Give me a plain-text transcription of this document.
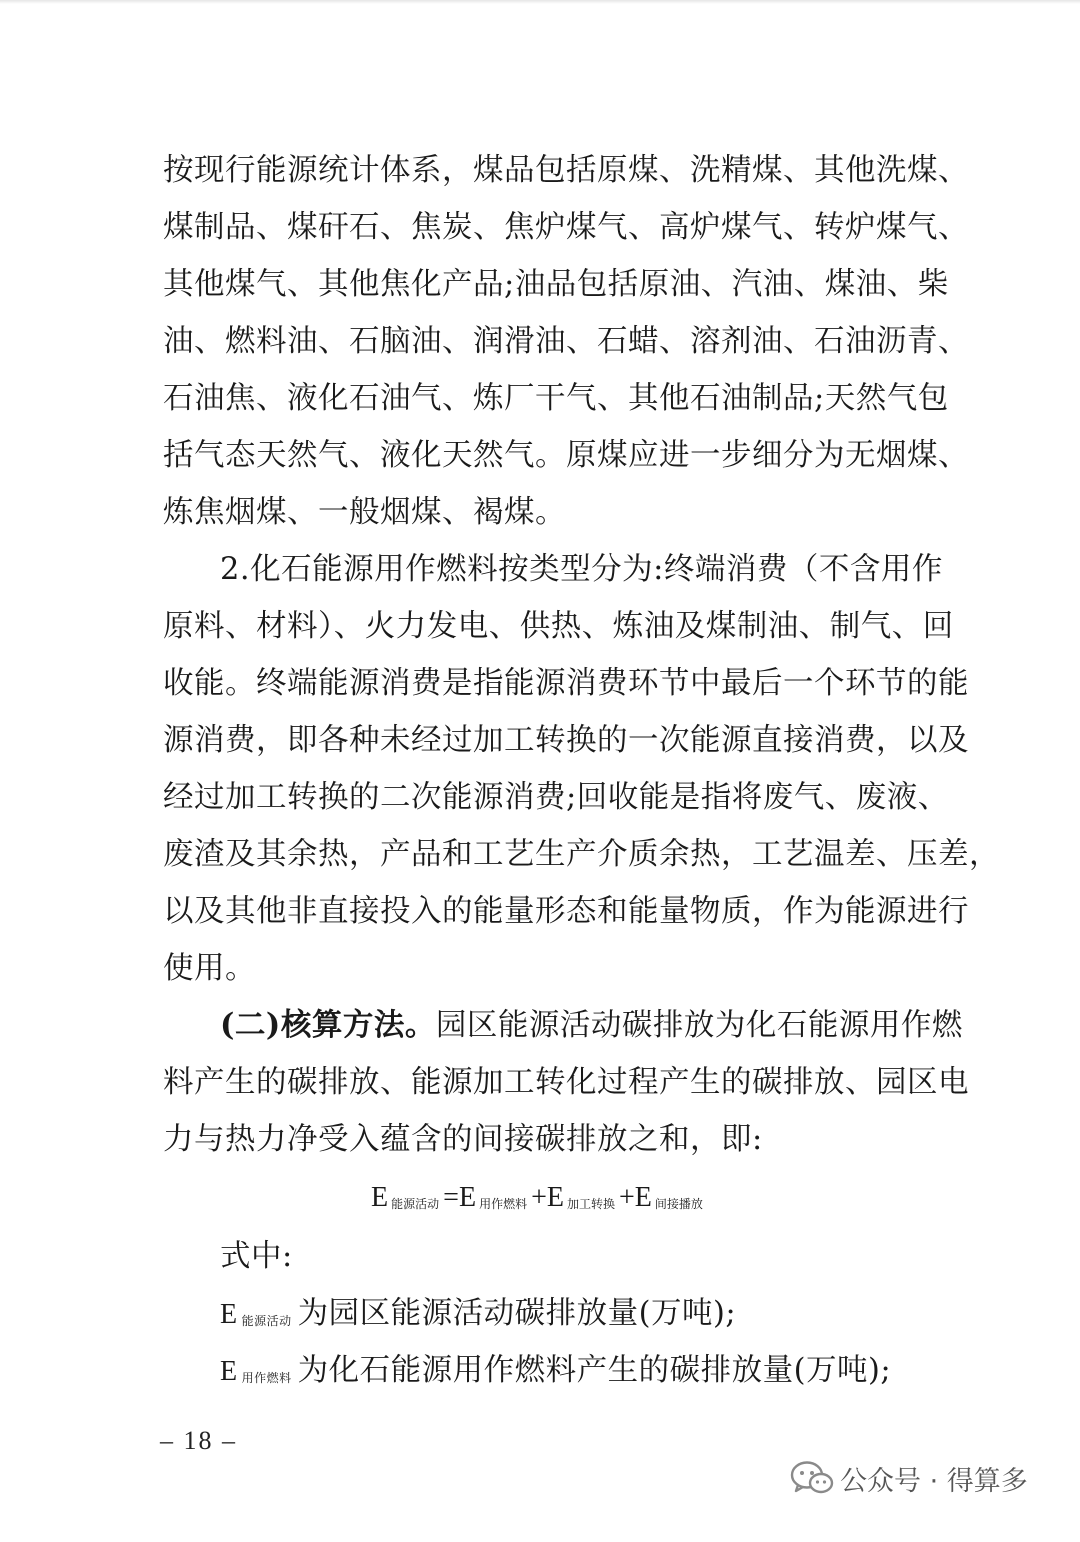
按现行能源统计体系，煤品包括原煤、洗精煤、其他洗煤、
煤制品、煤矸石、焦炭、焦炉煤气、高炉煤气、转炉煤气、
其他煤气、其他焦化产品;油品包括原油、汽油、煤油、柴
油、燃料油、石脑油、润滑油、石蜡、溶剂油、石油沥青、
石油焦、液化石油气、炼厂干气、其他石油制品;天然气包
括气态天然气、液化天然气。原煤应进一步细分为无烟煤、
炼焦烟煤、一般烟煤、褐煤。
2.化石能源用作燃料按类型分为:终端消费（不含用作
原料、材料）、火力发电、供热、炼油及煤制油、制气、回
收能。终端能源消费是指能源消费环节中最后一个环节的能
源消费，即各种未经过加工转换的一次能源直接消费，以及
经过加工转换的二次能源消费;回收能是指将废气、废液、
废渣及其余热，产品和工艺生产介质余热，工艺温差、压差，
以及其他非直接投入的能量形态和能量物质，作为能源进行
使用。
(二)核算方法。园区能源活动碳排放为化石能源用作燃
料产生的碳排放、能源加工转化过程产生的碳排放、园区电
力与热力净受入蕴含的间接碳排放之和，即:
E能源活动 =E 用作燃料 +E 加工转换 +E 间接播放
式中:
E能源活动 为园区能源活动碳排放量(万吨);
E用作燃料 为化石能源用作燃料产生的碳排放量(万吨);
– 18 –
公众号 · 得算多
